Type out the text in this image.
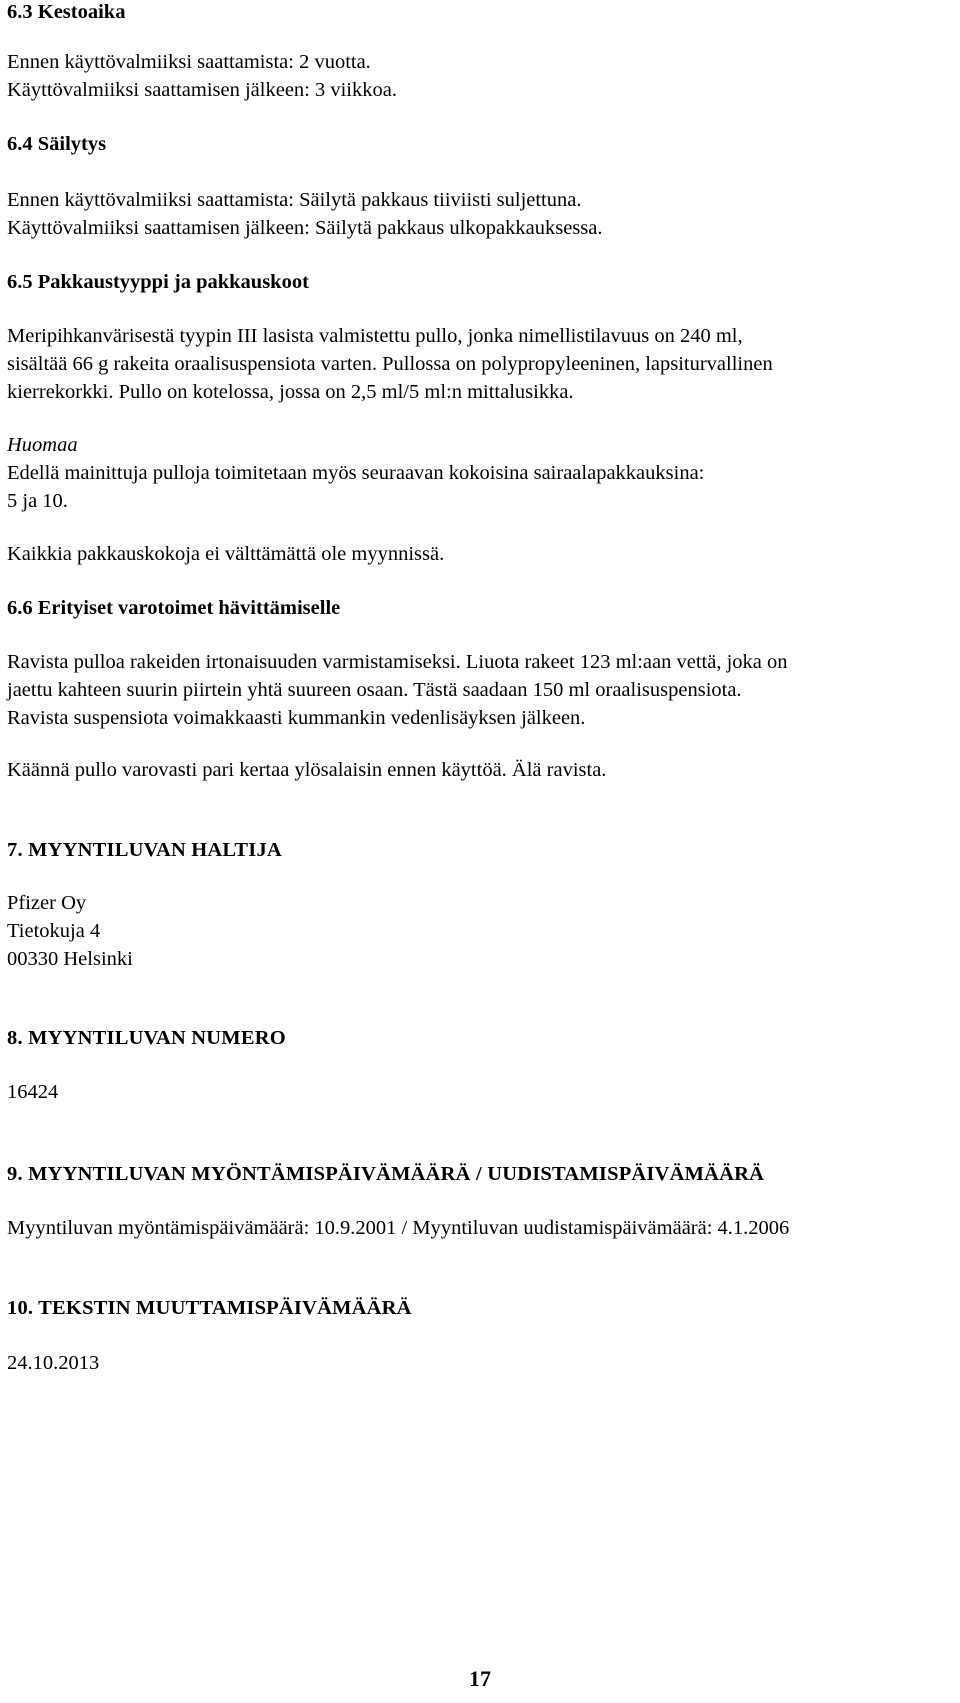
6.3 Kestoaika
Ennen käyttövalmiiksi saattamista: 2 vuotta.
Käyttövalmiiksi saattamisen jälkeen: 3 viikkoa.
6.4 Säilytys
Ennen käyttövalmiiksi saattamista: Säilytä pakkaus tiiviisti suljettuna.
Käyttövalmiiksi saattamisen jälkeen: Säilytä pakkaus ulkopakkauksessa.
6.5 Pakkaustyyppi ja pakkauskoot
Meripihkanvärisestä tyypin III lasista valmistettu pullo, jonka nimellistilavuus on 240 ml,
sisältää 66 g rakeita oraalisuspensiota varten. Pullossa on polypropyleeninen, lapsiturvallinen
kierrekorkki. Pullo on kotelossa, jossa on 2,5 ml/5 ml:n mittalusikka.
Huomaa
Edellä mainittuja pulloja toimitetaan myös seuraavan kokoisina sairaalapakkauksina:
5 ja 10.
Kaikkia pakkauskokoja ei välttämättä ole myynnissä.
6.6 Erityiset varotoimet hävittämiselle
Ravista pulloa rakeiden irtonaisuuden varmistamiseksi. Liuota rakeet 123 ml:aan vettä, joka on
jaettu kahteen suurin piirtein yhtä suureen osaan. Tästä saadaan 150 ml oraalisuspensiota.
Ravista suspensiota voimakkaasti kummankin vedenlisäyksen jälkeen.
Käännä pullo varovasti pari kertaa ylösalaisin ennen käyttöä. Älä ravista.
7. MYYNTILUVAN HALTIJA
Pfizer Oy
Tietokuja 4
00330 Helsinki
8. MYYNTILUVAN NUMERO
16424
9. MYYNTILUVAN MYÖNTÄMISPÄIVÄMÄÄRÄ / UUDISTAMISPÄIVÄMÄÄRÄ
Myyntiluvan myöntämispäivämäärä: 10.9.2001 / Myyntiluvan uudistamispäivämäärä: 4.1.2006
10. TEKSTIN MUUTTAMISPÄIVÄMÄÄRÄ
24.10.2013
17
